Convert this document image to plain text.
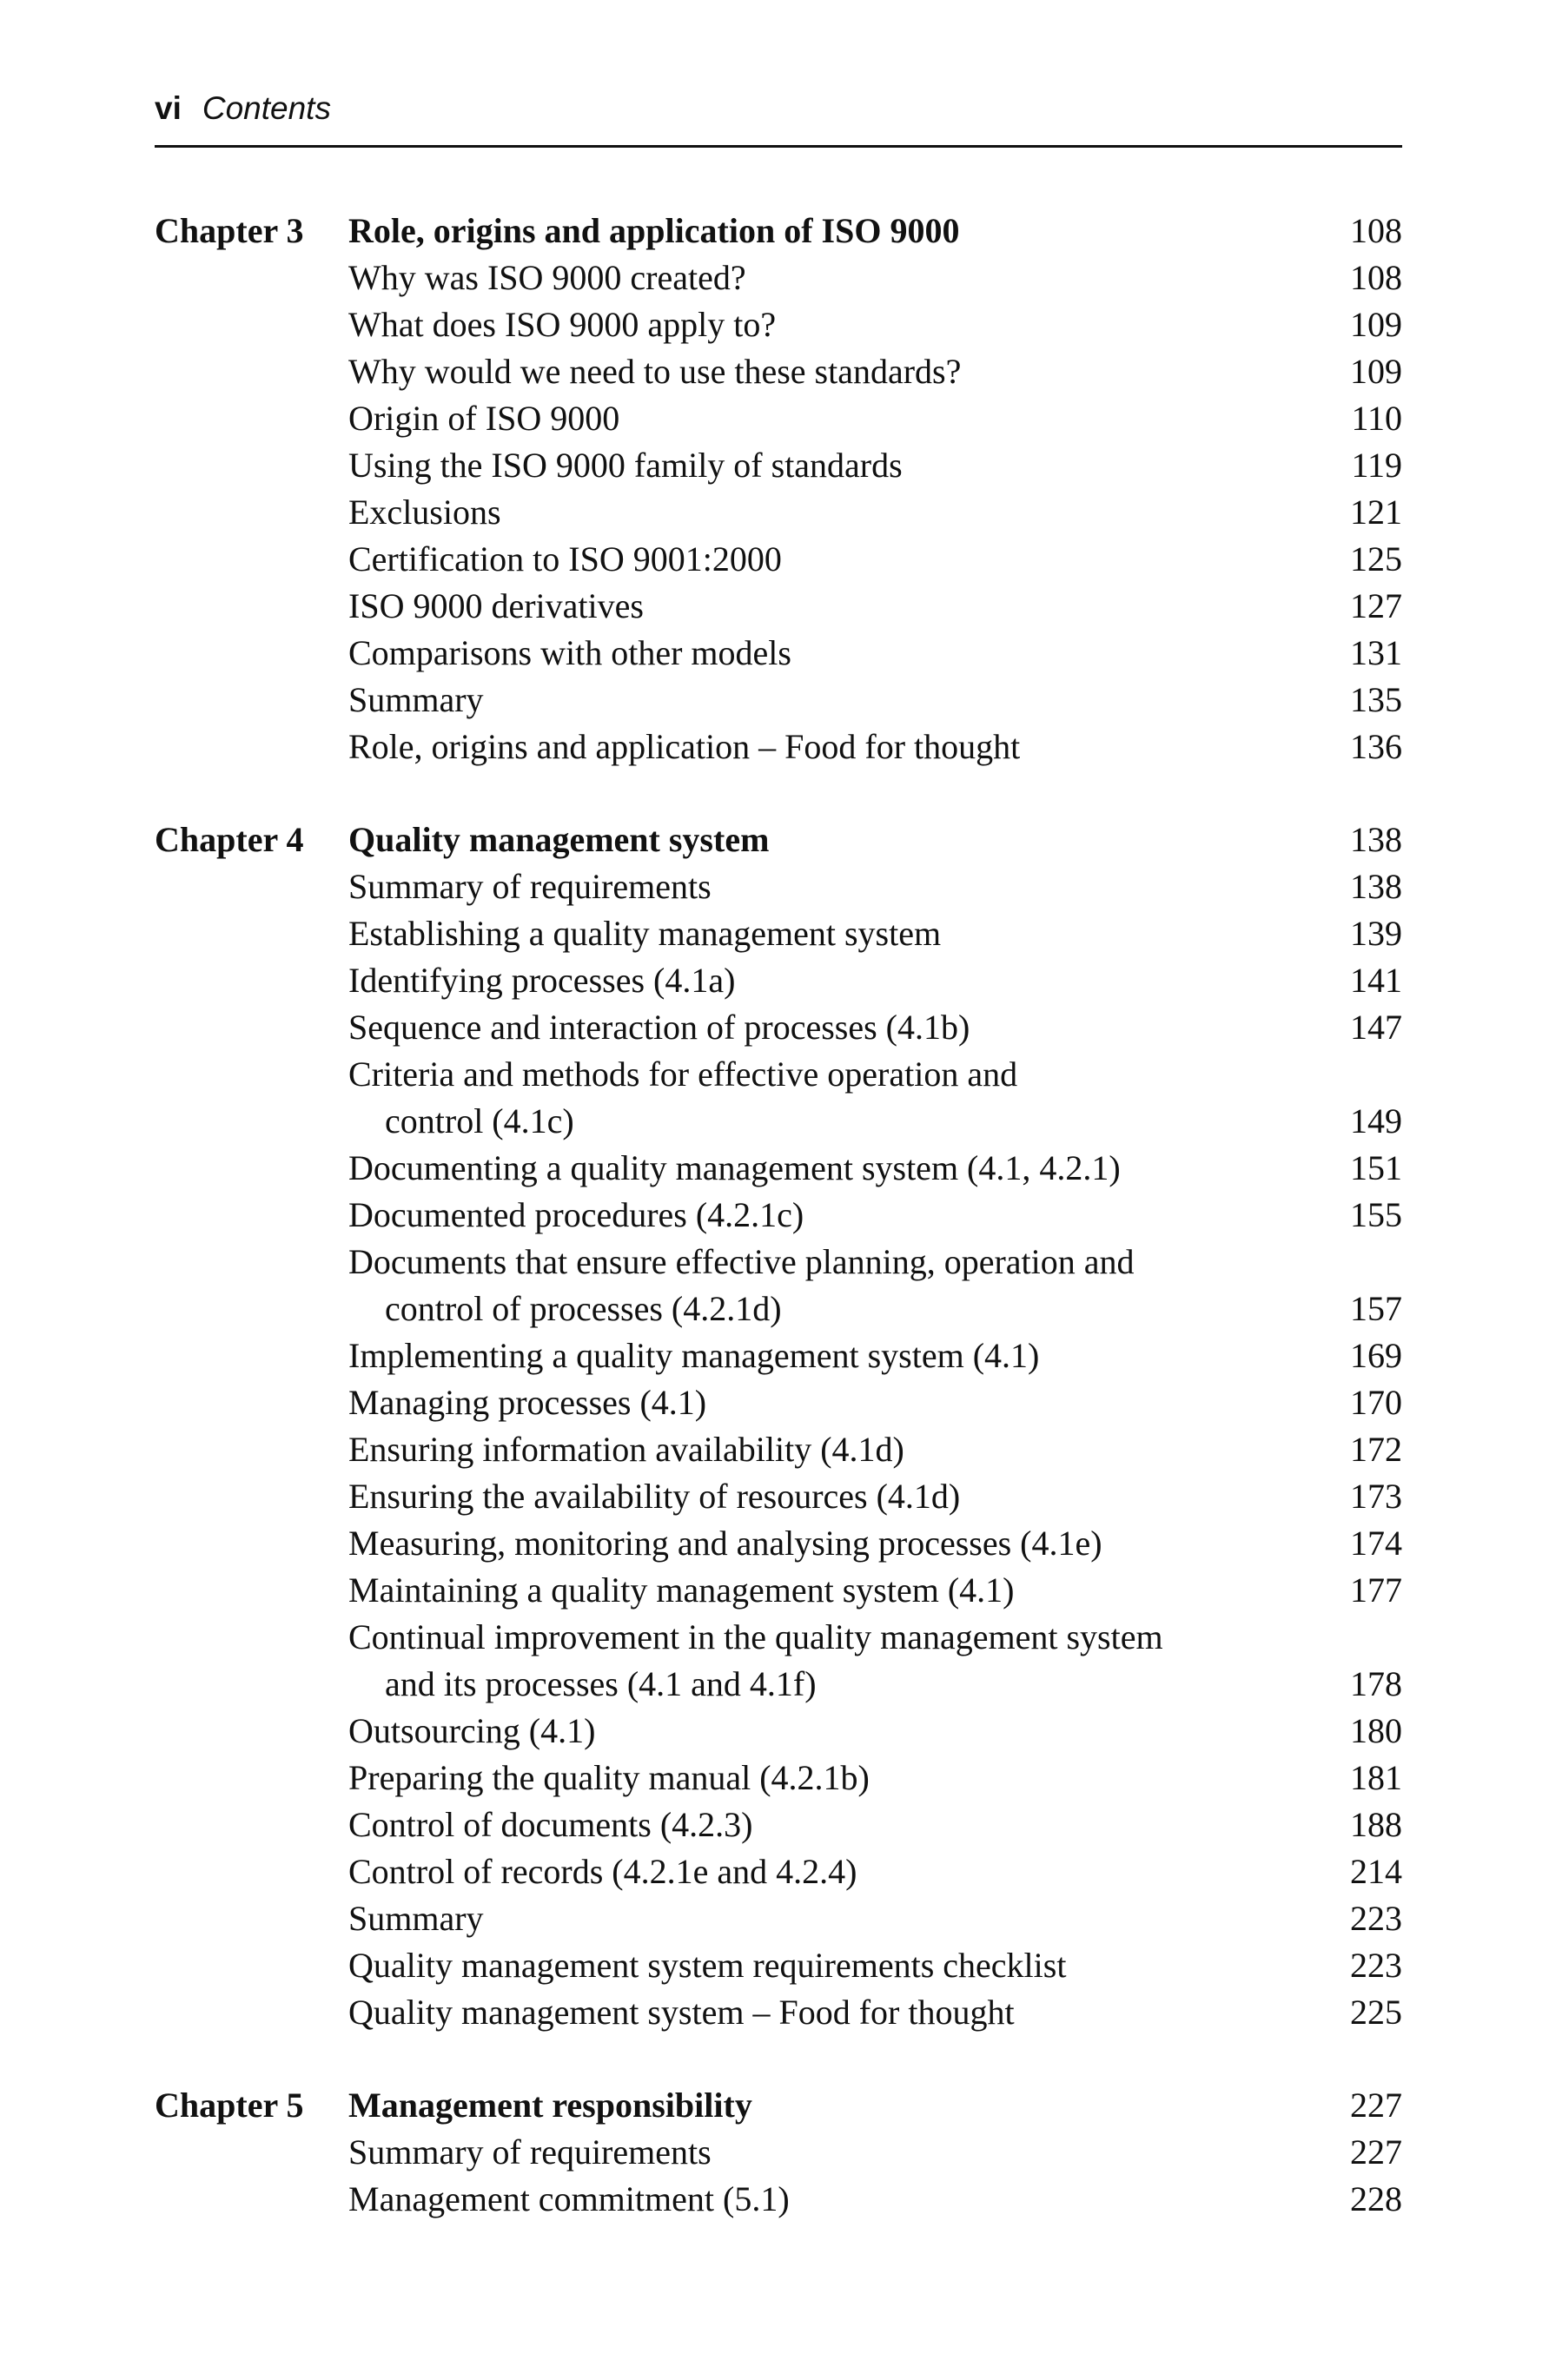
vi Contents
Chapter 3	Role, origins and application of ISO 9000	108
Why was ISO 9000 created?	108
What does ISO 9000 apply to?	109
Why would we need to use these standards?	109
Origin of ISO 9000	110
Using the ISO 9000 family of standards	119
Exclusions	121
Certification to ISO 9001:2000	125
ISO 9000 derivatives	127
Comparisons with other models	131
Summary	135
Role, origins and application – Food for thought	136
Chapter 4	Quality management system	138
Summary of requirements	138
Establishing a quality management system	139
Identifying processes (4.1a)	141
Sequence and interaction of processes (4.1b)	147
Criteria and methods for effective operation and
control (4.1c)	149
Documenting a quality management system (4.1, 4.2.1)	151
Documented procedures (4.2.1c)	155
Documents that ensure effective planning, operation and
control of processes (4.2.1d)	157
Implementing a quality management system (4.1)	169
Managing processes (4.1)	170
Ensuring information availability (4.1d)	172
Ensuring the availability of resources (4.1d)	173
Measuring, monitoring and analysing processes (4.1e)	174
Maintaining a quality management system (4.1)	177
Continual improvement in the quality management system
and its processes (4.1 and 4.1f)	178
Outsourcing (4.1)	180
Preparing the quality manual (4.2.1b)	181
Control of documents (4.2.3)	188
Control of records (4.2.1e and 4.2.4)	214
Summary	223
Quality management system requirements checklist	223
Quality management system – Food for thought	225
Chapter 5	Management responsibility	227
Summary of requirements	227
Management commitment (5.1)	228
